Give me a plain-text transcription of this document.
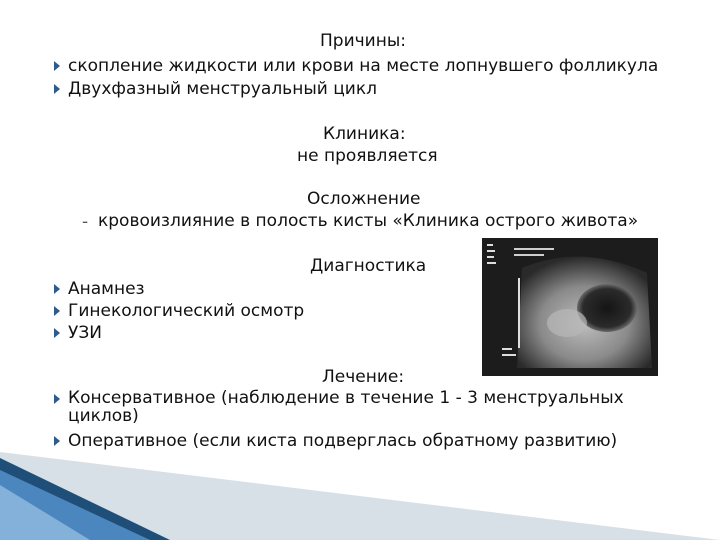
Причины:
скопление жидкости или крови на месте лопнувшего фолликула
Двухфазный менструальный цикл
Клиника:
не проявляется
Осложнение
- кровоизлияние в полость кисты «Клиника острого живота»
Диагностика
Анамнез
Гинекологический осмотр
УЗИ
Лечение:
Консервативное (наблюдение в течение 1 - 3 менструальных циклов)
Оперативное (если киста подверглась обратному развитию)
